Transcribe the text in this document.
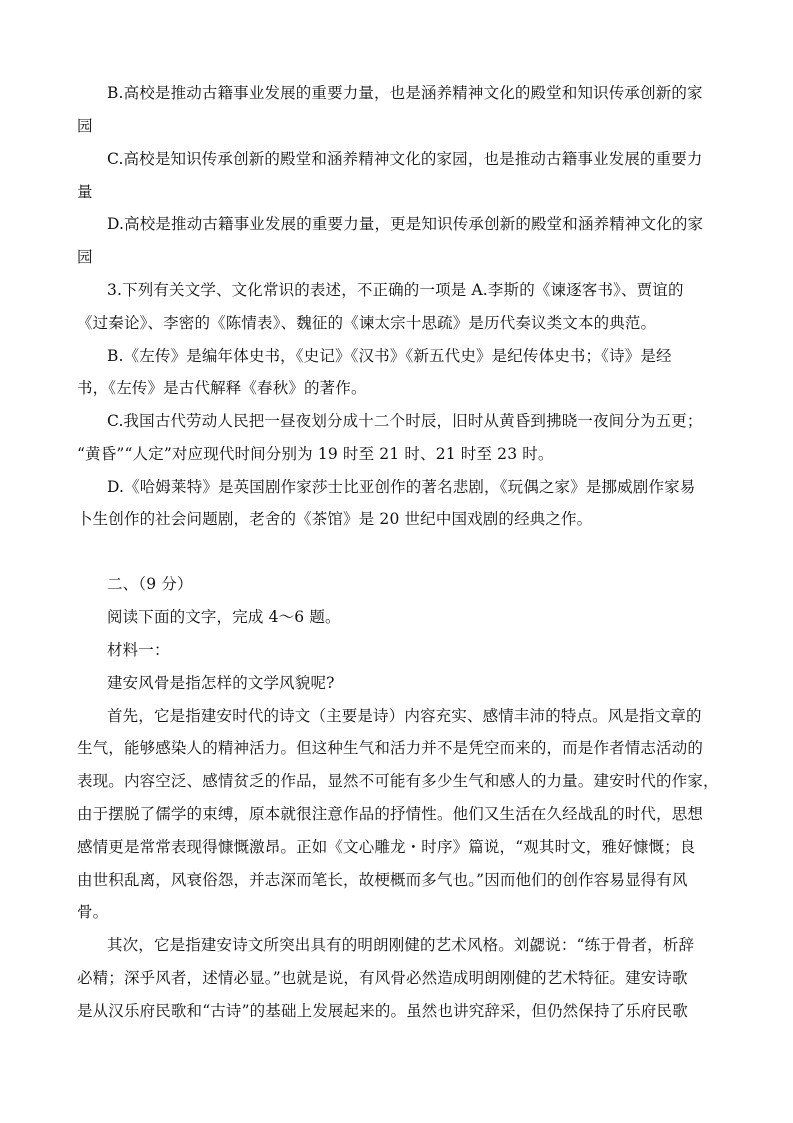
B.高校是推动古籍事业发展的重要力量，也是涵养精神文化的殿堂和知识传承创新的家
园
C.高校是知识传承创新的殿堂和涵养精神文化的家园，也是推动古籍事业发展的重要力
量
D.高校是推动古籍事业发展的重要力量，更是知识传承创新的殿堂和涵养精神文化的家
园
3.下列有关文学、文化常识的表述，不正确的一项是 A.李斯的《谏逐客书》、贾谊的
《过秦论》、李密的《陈情表》、魏征的《谏太宗十思疏》是历代奏议类文本的典范。
B.《左传》是编年体史书，《史记》《汉书》《新五代史》是纪传体史书；《诗》是经
书，《左传》是古代解释《春秋》的著作。
C.我国古代劳动人民把一昼夜划分成十二个时辰，旧时从黄昏到拂晓一夜间分为五更；
“黄昏”“人定”对应现代时间分别为 19 时至 21 时、21 时至 23 时。
D.《哈姆莱特》是英国剧作家莎士比亚创作的著名悲剧，《玩偶之家》是挪威剧作家易
卜生创作的社会问题剧，老舍的《茶馆》是 20 世纪中国戏剧的经典之作。
二、（9 分）
阅读下面的文字，完成 4～6 题。
材料一：
建安风骨是指怎样的文学风貌呢?
首先，它是指建安时代的诗文（主要是诗）内容充实、感情丰沛的特点。风是指文章的
生气，能够感染人的精神活力。但这种生气和活力并不是凭空而来的，而是作者情志活动的
表现。内容空泛、感情贫乏的作品，显然不可能有多少生气和感人的力量。建安时代的作家，
由于摆脱了儒学的束缚，原本就很注意作品的抒情性。他们又生活在久经战乱的时代，思想
感情更是常常表现得慷慨激昂。正如《文心雕龙・时序》篇说，“观其时文，雅好慷慨；良
由世积乱离，风衰俗怨，并志深而笔长，故梗概而多气也。”因而他们的创作容易显得有风
骨。
其次，它是指建安诗文所突出具有的明朗刚健的艺术风格。刘勰说：“练于骨者，析辞
必精；深乎风者，述情必显。”也就是说，有风骨必然造成明朗刚健的艺术特征。建安诗歌
是从汉乐府民歌和“古诗”的基础上发展起来的。虽然也讲究辞采，但仍然保持了乐府民歌
